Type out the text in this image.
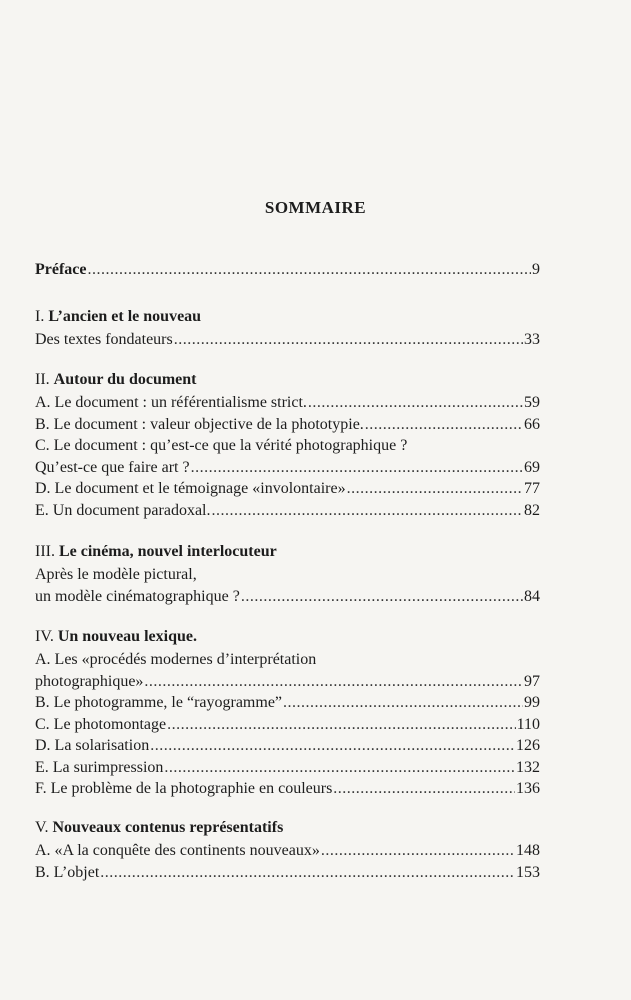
SOMMAIRE
Préface .....	9
I. L’ancien et le nouveau
Des textes fondateurs .....	33
II. Autour du document
A. Le document : un référentialisme strict. .....	59
B. Le document : valeur objective de la phototypie. .....	66
C. Le document : qu’est-ce que la vérité photographique ?
Qu’est-ce que faire art ? .....	69
D. Le document et le témoignage «involontaire» .....	77
E. Un document paradoxal. .....	82
III. Le cinéma, nouvel interlocuteur
Après le modèle pictural,
un modèle cinématographique ? .....	84
IV. Un nouveau lexique.
A. Les «procédés modernes d’interprétation
photographique» .....	97
B. Le photogramme, le “rayogramme” .....	99
C. Le photomontage .....	110
D. La solarisation .....	126
E. La surimpression .....	132
F. Le problème de la photographie en couleurs .....	136
V. Nouveaux contenus représentatifs
A. «A la conquête des continents nouveaux» .....	148
B. L’objet .....	153
